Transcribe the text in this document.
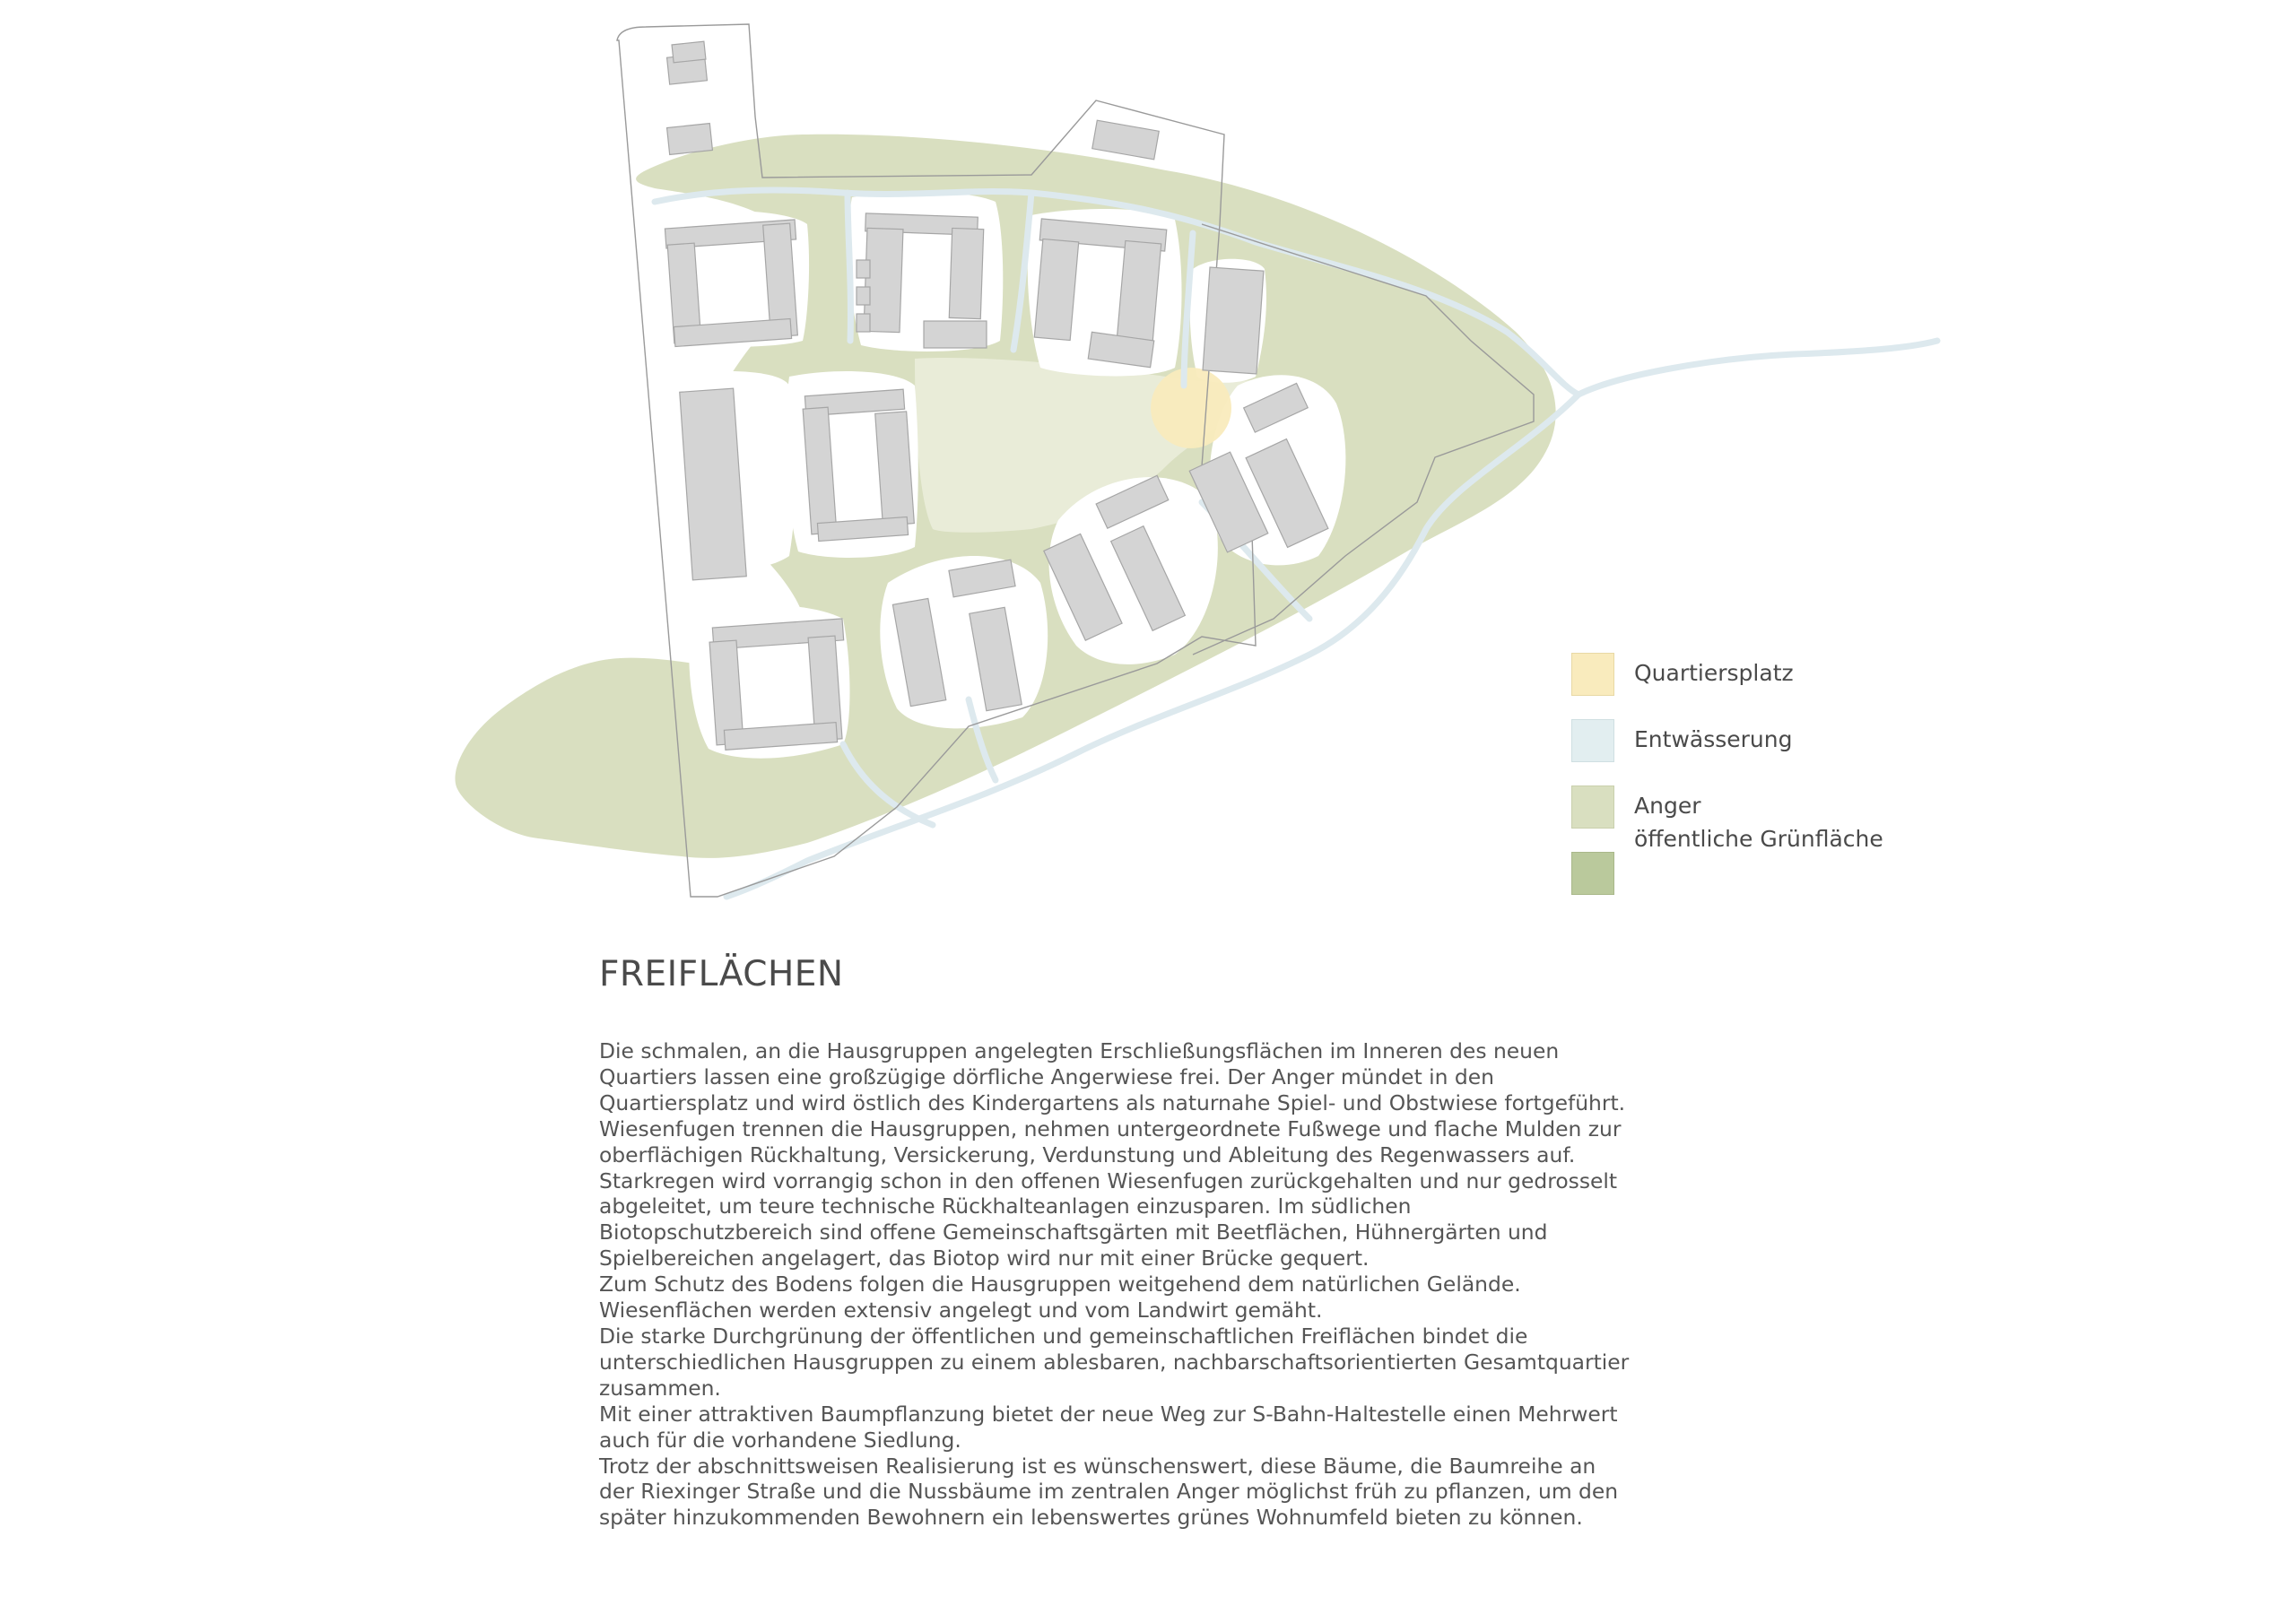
Quartiersplatz
Entwässerung
Anger
öffentliche Grünfläche
FREIFLÄCHEN

Die schmalen, an die Hausgruppen angelegten Erschließungsflächen im Inneren des neuen Quartiers lassen eine großzügige dörfliche Angerwiese frei. Der Anger mündet in den Quartiersplatz und wird östlich des Kindergartens als naturnahe Spiel- und Obstwiese fortgeführt. Wiesenfugen trennen die Hausgruppen, nehmen untergeordnete Fußwege und flache Mulden zur oberflächigen Rückhaltung, Versickerung, Verdunstung und Ableitung des Regenwassers auf. Starkregen wird vorrangig schon in den offenen Wiesenfugen zurückgehalten und nur gedrosselt abgeleitet, um teure technische Rückhalteanlagen einzusparen. Im südlichen Biotopschutzbereich sind offene Gemeinschaftsgärten mit Beetflächen, Hühnergärten und Spielbereichen angelagert, das Biotop wird nur mit einer Brücke gequert.

Zum Schutz des Bodens folgen die Hausgruppen weitgehend dem natürlichen Gelände. Wiesenflächen werden extensiv angelegt und vom Landwirt gemäht.

Die starke Durchgrünung der öffentlichen und gemeinschaftlichen Freiflächen bindet die unterschiedlichen Hausgruppen zu einem ablesbaren, nachbarschaftsorientierten Gesamtquartier zusammen.

Mit einer attraktiven Baumpflanzung bietet der neue Weg zur S-Bahn-Haltestelle einen Mehrwert auch für die vorhandene Siedlung.

Trotz der abschnittsweisen Realisierung ist es wünschenswert, diese Bäume, die Baumreihe an der Riexinger Straße und die Nussbäume im zentralen Anger möglichst früh zu pflanzen, um den später hinzukommenden Bewohnern ein lebenswertes grünes Wohnumfeld bieten zu können.
